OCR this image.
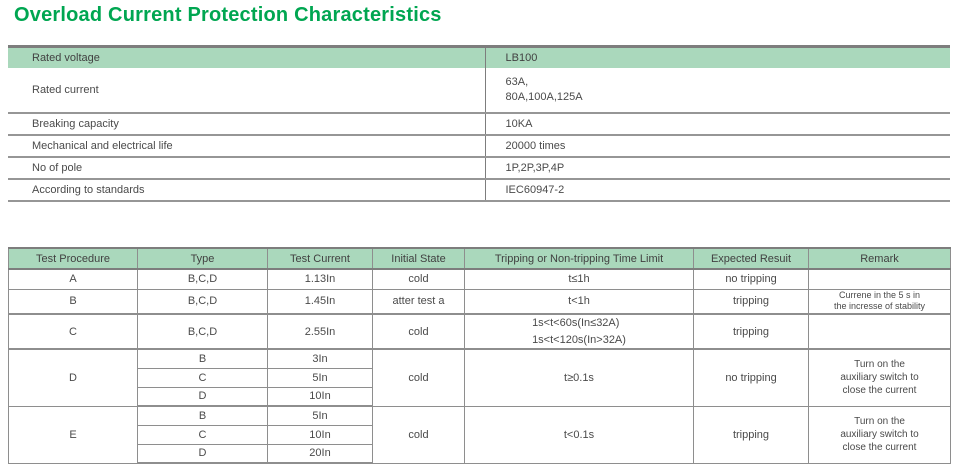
Overload Current Protection Characteristics
Rated voltage	LB100
Rated current	63A,
80A,100A,125A

Breaking capacity	10KA
Mechanical and electrical life	20000 times
No of pole	1P,2P,3P,4P
According to standards	IEC60947-2
Test Procedure	Type	Test Current	Initial State	Tripping or Non-tripping Time Limit	Expected Resuit	Remark
A	B,C,D	1.13In	cold	t≤1h	no tripping	
B	B,C,D	1.45In	atter test a	t<1h	tripping	Currene in the 5 s in
the incresse of stability

C	B,C,D	2.55In	cold	1s<t<60s(In≤32A)
1s<t<120s(In>32A)	tripping	
D	B	3In	cold	t≥0.1s	no tripping	Turn on the
auxiliary switch to
close the current

	C	5In				
	D	10In				
E	B	5In	cold	t<0.1s	tripping	Turn on the
auxiliary switch to
close the current

	C	10In				
	D	20In				
